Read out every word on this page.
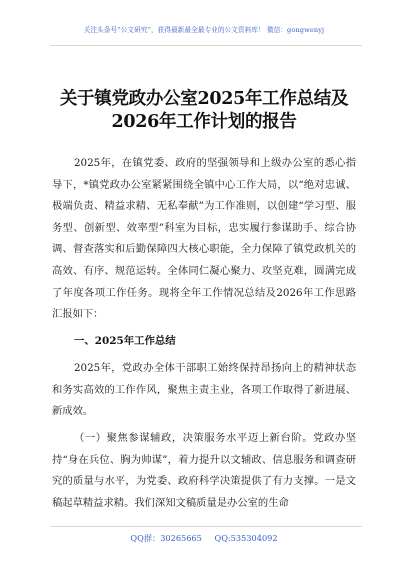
关注头条号“公文研究”，获得最新最全最专业的公文资料库！ 微信：gongwenyj
关于镇党政办公室2025年工作总结及
2026年工作计划的报告

2025年，在镇党委、政府的坚强领导和上级办公室的悉心指导下，*镇党政办公室紧紧围绕全镇中心工作大局，以“绝对忠诚、极端负责、精益求精、无私奉献”为工作准则，以创建“学习型、服务型、创新型、效率型”科室为目标，忠实履行参谋助手、综合协调、督查落实和后勤保障四大核心职能，全力保障了镇党政机关的高效、有序、规范运转。全体同仁凝心聚力、攻坚克难，圆满完成了年度各项工作任务。现将全年工作情况总结及2026年工作思路汇报如下：

一、2025年工作总结

2025年，党政办全体干部职工始终保持昂扬向上的精神状态和务实高效的工作作风，聚焦主责主业，各项工作取得了新进展、新成效。

（一）聚焦参谋辅政，决策服务水平迈上新台阶。党政办坚持“身在兵位、胸为帅谋”，着力提升以文辅政、信息服务和调查研究的质量与水平，为党委、政府科学决策提供了有力支撑。一是文稿起草精益求精。我们深知文稿质量是办公室的生命

QQ群：30265665 QQ:535304092
